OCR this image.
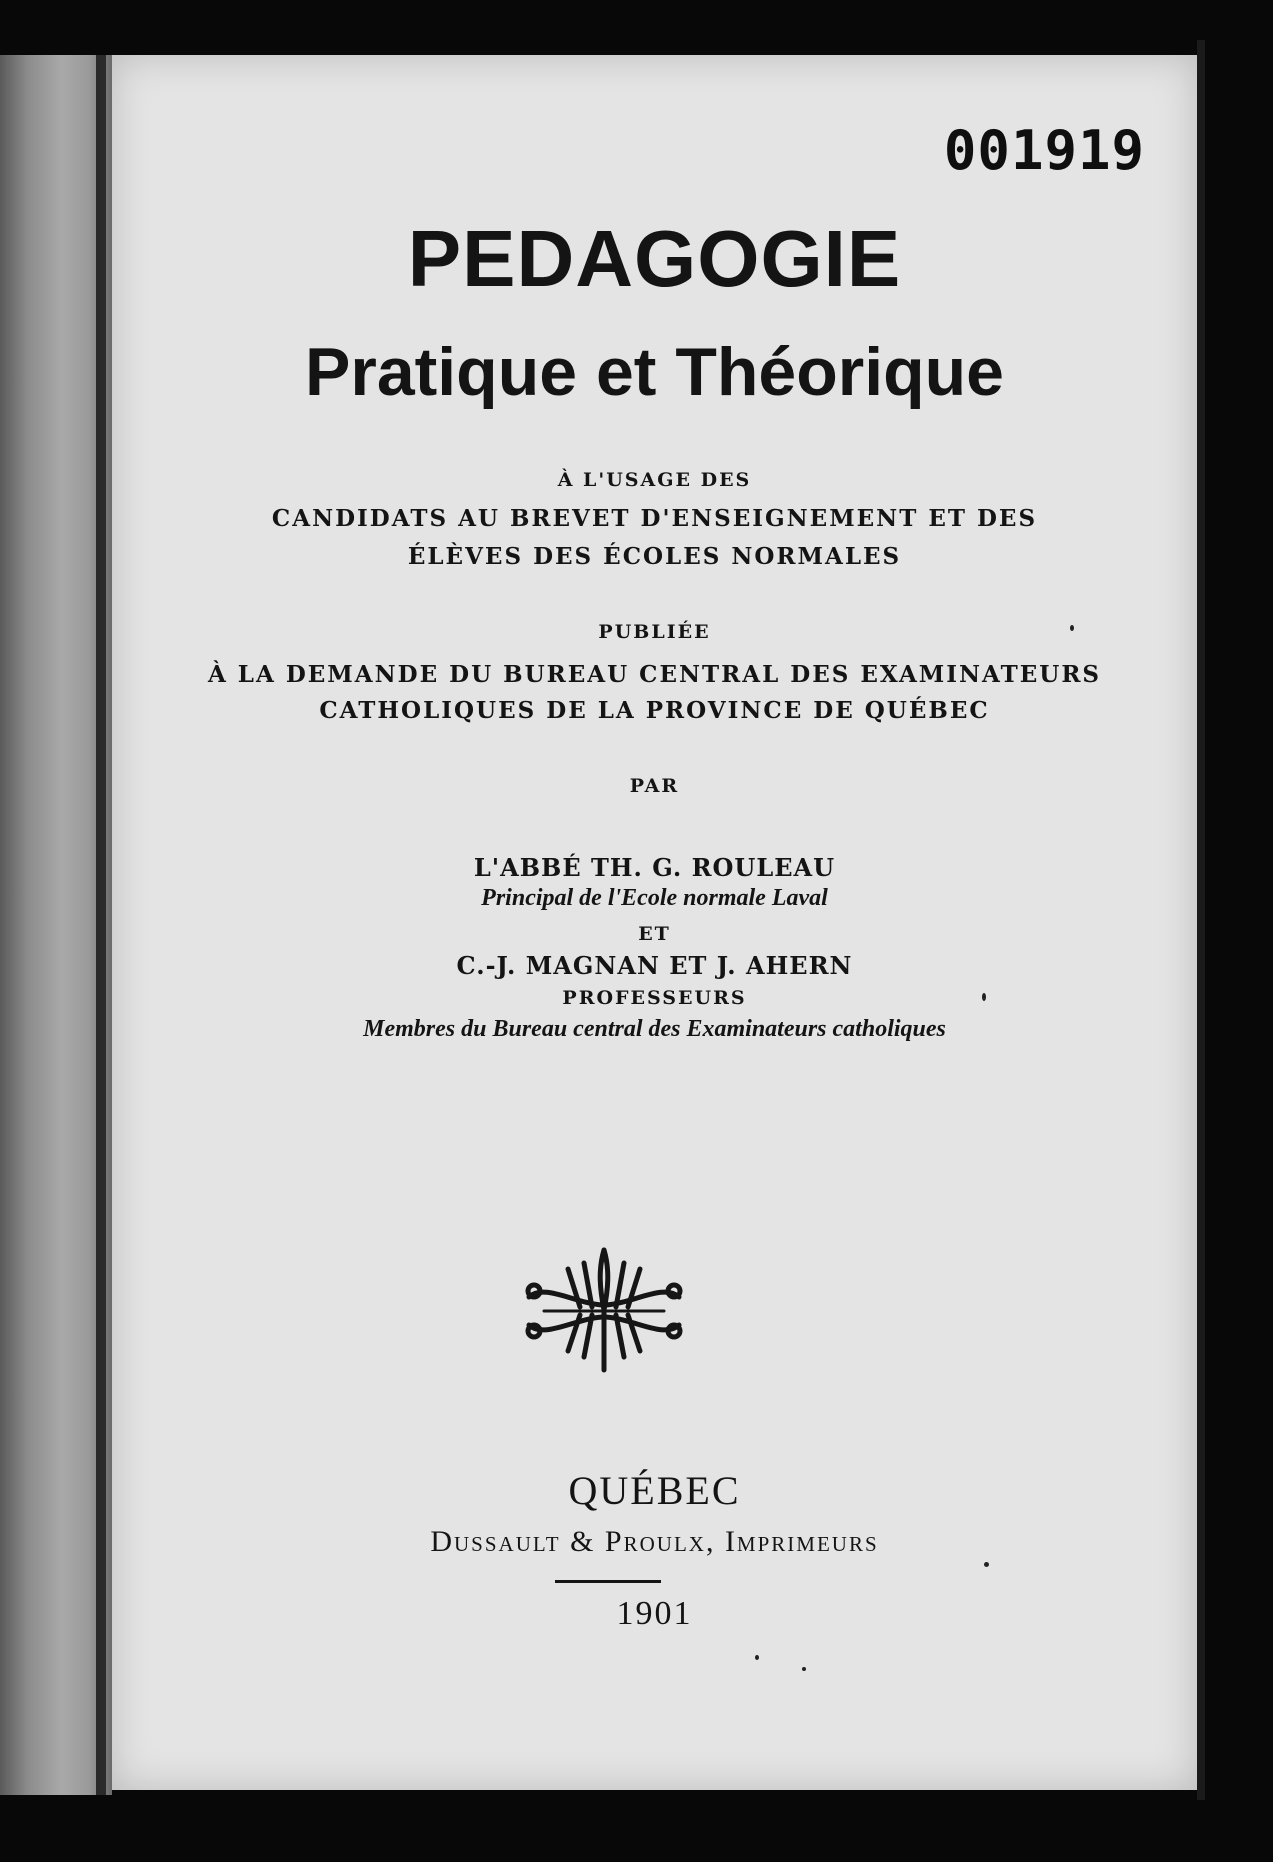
001919
PEDAGOGIE
Pratique et Théorique
À L'USAGE DES
CANDIDATS AU BREVET D'ENSEIGNEMENT ET DES
ÉLÈVES DES ÉCOLES NORMALES
PUBLIÉE
À LA DEMANDE DU BUREAU CENTRAL DES EXAMINATEURS
CATHOLIQUES DE LA PROVINCE DE QUÉBEC
PAR
L'ABBÉ TH. G. ROULEAU
Principal de l'Ecole normale Laval
ET
C.-J. MAGNAN ET J. AHERN
PROFESSEURS
Membres du Bureau central des Examinateurs catholiques
QUÉBEC
Dussault & Proulx, Imprimeurs
1901
